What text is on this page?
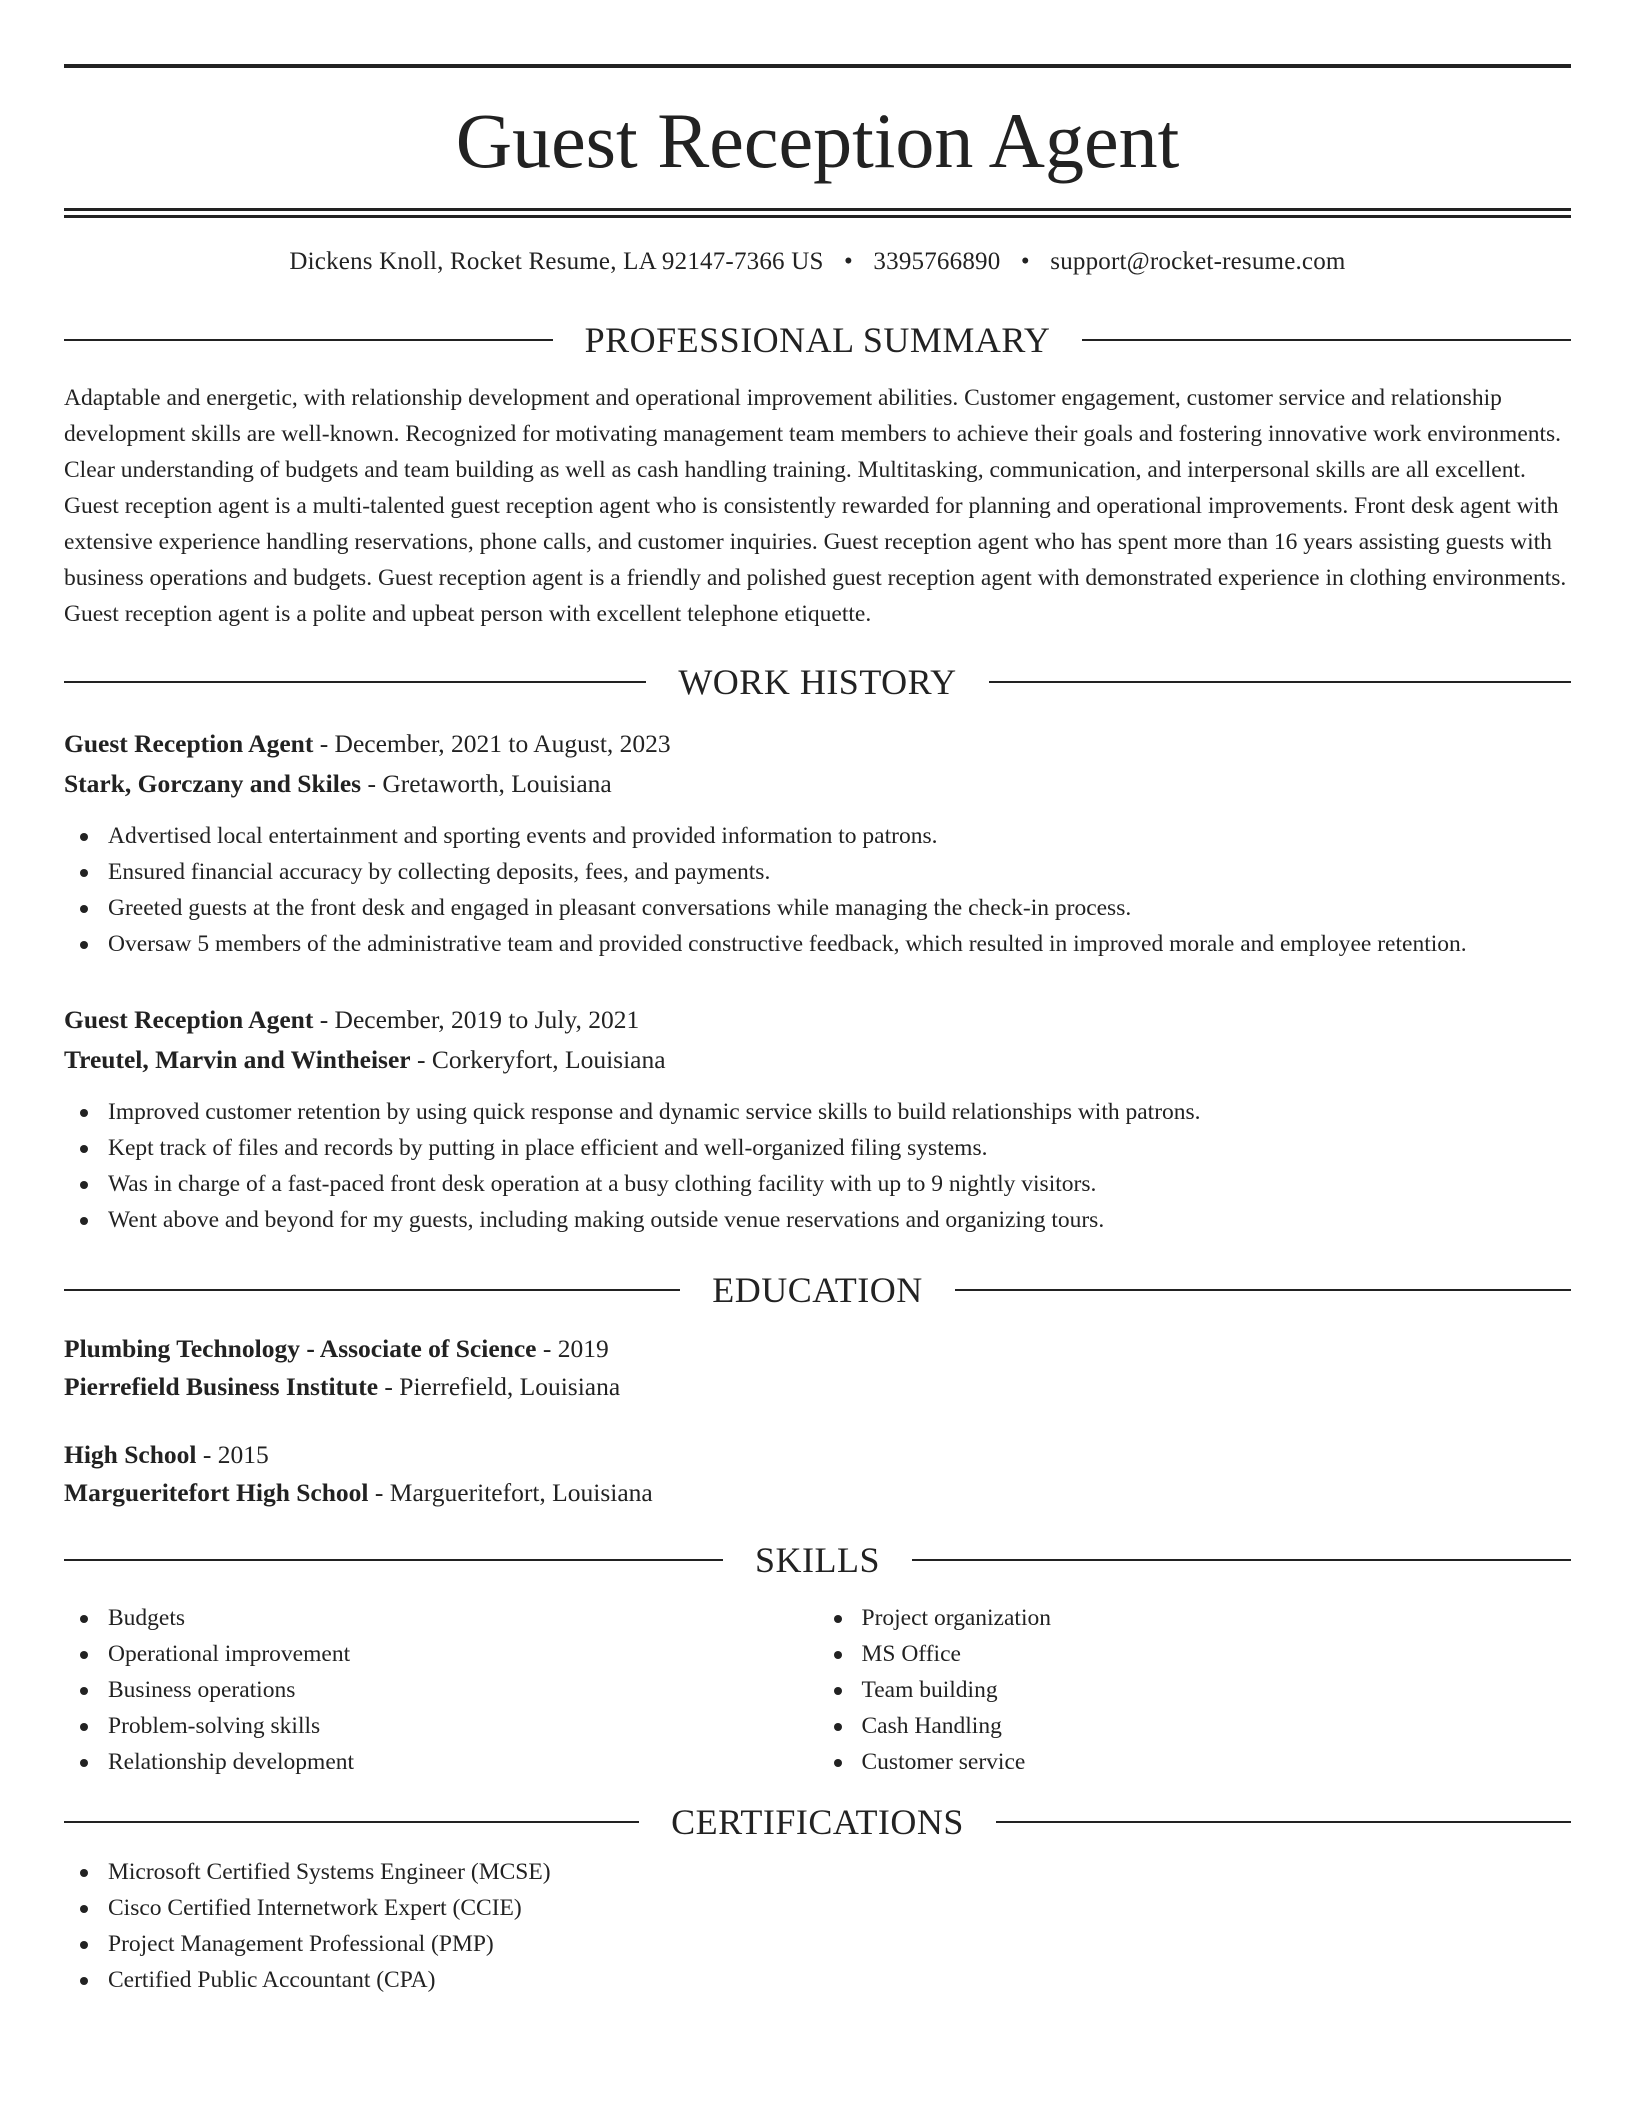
Guest Reception Agent
Dickens Knoll, Rocket Resume, LA 92147-7366 US • 3395766890 • support@rocket-resume.com
PROFESSIONAL SUMMARY

Adaptable and energetic, with relationship development and operational improvement abilities. Customer engagement, customer service and relationship development skills are well-known. Recognized for motivating management team members to achieve their goals and fostering innovative work environments. Clear understanding of budgets and team building as well as cash handling training. Multitasking, communication, and interpersonal skills are all excellent. Guest reception agent is a multi-talented guest reception agent who is consistently rewarded for planning and operational improvements. Front desk agent with extensive experience handling reservations, phone calls, and customer inquiries. Guest reception agent who has spent more than 16 years assisting guests with business operations and budgets. Guest reception agent is a friendly and polished guest reception agent with demonstrated experience in clothing environments. Guest reception agent is a polite and upbeat person with excellent telephone etiquette.

WORK HISTORY
Guest Reception Agent - December, 2021 to August, 2023
Stark, Gorczany and Skiles - Gretaworth, Louisiana
Advertised local entertainment and sporting events and provided information to patrons.
Ensured financial accuracy by collecting deposits, fees, and payments.
Greeted guests at the front desk and engaged in pleasant conversations while managing the check-in process.
Oversaw 5 members of the administrative team and provided constructive feedback, which resulted in improved morale and employee retention.
Guest Reception Agent - December, 2019 to July, 2021
Treutel, Marvin and Wintheiser - Corkeryfort, Louisiana
Improved customer retention by using quick response and dynamic service skills to build relationships with patrons.
Kept track of files and records by putting in place efficient and well-organized filing systems.
Was in charge of a fast-paced front desk operation at a busy clothing facility with up to 9 nightly visitors.
Went above and beyond for my guests, including making outside venue reservations and organizing tours.
EDUCATION
Plumbing Technology - Associate of Science - 2019
Pierrefield Business Institute - Pierrefield, Louisiana
High School - 2015
Margueritefort High School - Margueritefort, Louisiana
SKILLS
Budgets
Operational improvement
Business operations
Problem-solving skills
Relationship development
Project organization
MS Office
Team building
Cash Handling
Customer service
CERTIFICATIONS
Microsoft Certified Systems Engineer (MCSE)
Cisco Certified Internetwork Expert (CCIE)
Project Management Professional (PMP)
Certified Public Accountant (CPA)
